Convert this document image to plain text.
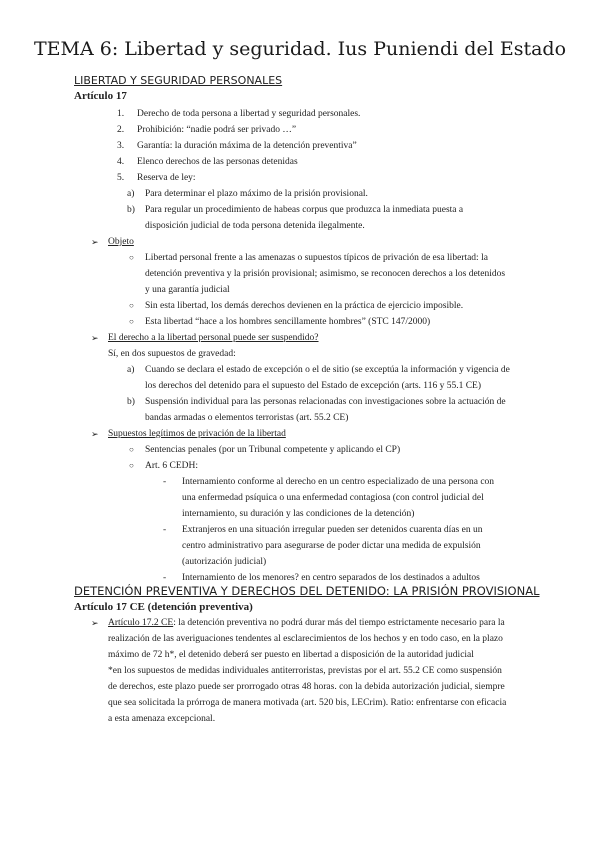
TEMA 6: Libertad y seguridad. Ius Puniendi del Estado
LIBERTAD Y SEGURIDAD PERSONALES
Artículo 17
1. Derecho de toda persona a libertad y seguridad personales.
2. Prohibición: “nadie podrá ser privado …”
3. Garantía: la duración máxima de la detención preventiva”
4. Elenco derechos de las personas detenidas
5. Reserva de ley:
a) Para determinar el plazo máximo de la prisión provisional.
b) Para regular un procedimiento de habeas corpus que produzca la inmediata puesta a
disposición judicial de toda persona detenida ilegalmente.
➢ Objeto
○ Libertad personal frente a las amenazas o supuestos típicos de privación de esa libertad: la
detención preventiva y la prisión provisional; asimismo, se reconocen derechos a los detenidos
y una garantía judicial
○ Sin esta libertad, los demás derechos devienen en la práctica de ejercicio imposible.
○ Esta libertad “hace a los hombres sencillamente hombres” (STC 147/2000)
➢ El derecho a la libertad personal puede ser suspendido?
Sí, en dos supuestos de gravedad:
a) Cuando se declara el estado de excepción o el de sitio (se exceptúa la información y vigencia de
los derechos del detenido para el supuesto del Estado de excepción (arts. 116 y 55.1 CE)
b) Suspensión individual para las personas relacionadas con investigaciones sobre la actuación de
bandas armadas o elementos terroristas (art. 55.2 CE)
➢ Supuestos legítimos de privación de la libertad
○ Sentencias penales (por un Tribunal competente y aplicando el CP)
○ Art. 6 CEDH:
- Internamiento conforme al derecho en un centro especializado de una persona con
una enfermedad psíquica o una enfermedad contagiosa (con control judicial del
internamiento, su duración y las condiciones de la detención)
- Extranjeros en una situación irregular pueden ser detenidos cuarenta días en un
centro administrativo para asegurarse de poder dictar una medida de expulsión
(autorización judicial)
- Internamiento de los menores? en centro separados de los destinados a adultos
DETENCIÓN PREVENTIVA Y DERECHOS DEL DETENIDO: LA PRISIÓN PROVISIONAL
Artículo 17 CE (detención preventiva)
➢ Artículo 17.2 CE: la detención preventiva no podrá durar más del tiempo estrictamente necesario para la
realización de las averiguaciones tendentes al esclarecimientos de los hechos y en todo caso, en la plazo
máximo de 72 h*, el detenido deberá ser puesto en libertad a disposición de la autoridad judicial
*en los supuestos de medidas individuales antiterroristas, previstas por el art. 55.2 CE como suspensión
de derechos, este plazo puede ser prorrogado otras 48 horas. con la debida autorización judicial, siempre
que sea solicitada la prórroga de manera motivada (art. 520 bis, LECrim). Ratio: enfrentarse con eficacia
a esta amenaza excepcional.
